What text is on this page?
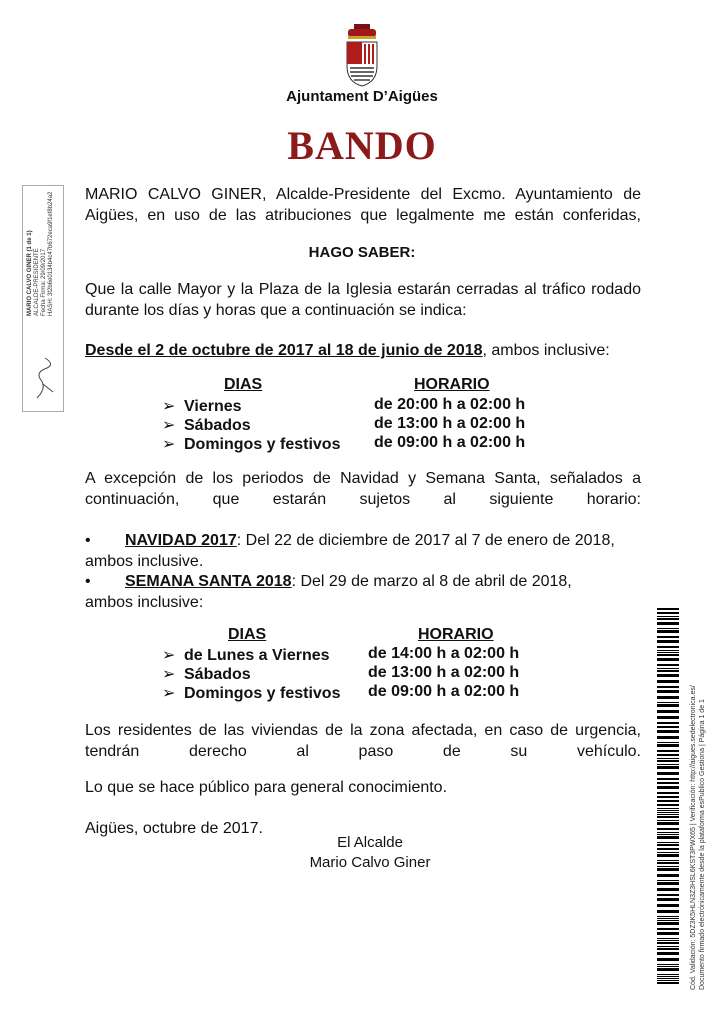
Ajuntament D’Aigües
BANDO
MARIO CALVO GINER, Alcalde-Presidente del Excmo. Ayuntamiento de Aigües, en uso de las atribuciones que legalmente me están conferidas,
HAGO SABER:
Que la calle Mayor y la Plaza de la Iglesia estarán cerradas al tráfico rodado durante los días y horas que a continuación se indica:
Desde el 2 de octubre de 2017 al 18 de junio de 2018, ambos inclusive:
DIAS	HORARIO
➢ Viernes	de 20:00 h a 02:00 h
➢ Sábados	de 13:00 h a 02:00 h
➢ Domingos y festivos de 09:00 h a 02:00 h
A excepción de los periodos de Navidad y Semana Santa, señalados a continuación, que estarán sujetos al siguiente horario:
• NAVIDAD 2017: Del 22 de diciembre de 2017 al 7 de enero de 2018,
ambos inclusive.
• SEMANA SANTA 2018: Del 29 de marzo al 8 de abril de 2018,
ambos inclusive:
DIAS	HORARIO
➢ de Lunes a Viernes de 14:00 h a 02:00 h
➢ Sábados	de 13:00 h a 02:00 h
➢ Domingos y festivos de 09:00 h a 02:00 h
Los residentes de las viviendas de la zona afectada, en caso de urgencia, tendrán derecho al paso de su vehículo.
Lo que se hace público para general conocimiento.
Aigües, octubre de 2017.
El Alcalde
Mario Calvo Giner
MARIO CALVO GINER (1 de 1) ALCALDE-PRESIDENTE Fecha Firma: 29/09/2017 HASH: 3f2b6e0134b4c47b672eca9f1ef8b24a2
Cód. Validación: 5DZ3K5HLN3Z3HSL6KST3PWX65 | Verificación: http://aigues.sedelectronica.es/ Documento firmado electrónicamente desde la plataforma esPublico Gestiona | Página 1 de 1
